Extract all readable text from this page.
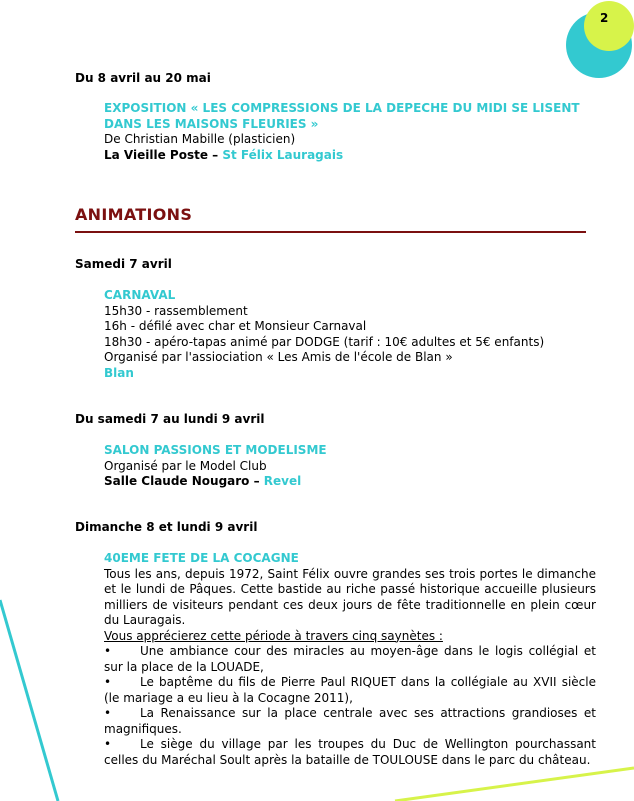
2
Du 8 avril au 20 mai

EXPOSITION « LES COMPRESSIONS DE LA DEPECHE DU MIDI SE LISENT

DANS LES MAISONS FLEURIES »

De Christian Mabille (plasticien)

La Vieille Poste – St Félix Lauragais

ANIMATIONS
Samedi 7 avril

CARNAVAL

15h30 - rassemblement

16h - défilé avec char et Monsieur Carnaval

18h30 - apéro-tapas animé par DODGE (tarif : 10€ adultes et 5€ enfants)

Organisé par l'assiociation « Les Amis de l'école de Blan »

Blan

Du samedi 7 au lundi 9 avril

SALON PASSIONS ET MODELISME

Organisé par le Model Club

Salle Claude Nougaro – Revel

Dimanche 8 et lundi 9 avril

40EME FETE DE LA COCAGNE

Tous les ans, depuis 1972, Saint Félix ouvre grandes ses trois portes le dimanche et le lundi de Pâques. Cette bastide au riche passé historique accueille plusieurs milliers de visiteurs pendant ces deux jours de fête traditionnelle en plein cœur du Lauragais.

Vous apprécierez cette période à travers cinq saynètes :

• Une ambiance cour des miracles au moyen-âge dans le logis collégial et sur la place de la LOUADE,

• Le baptême du fils de Pierre Paul RIQUET dans la collégiale au XVII siècle (le mariage a eu lieu à la Cocagne 2011),

• La Renaissance sur la place centrale avec ses attractions grandioses et magnifiques.

• Le siège du village par les troupes du Duc de Wellington pourchassant celles du Maréchal Soult après la bataille de TOULOUSE dans le parc du château.
